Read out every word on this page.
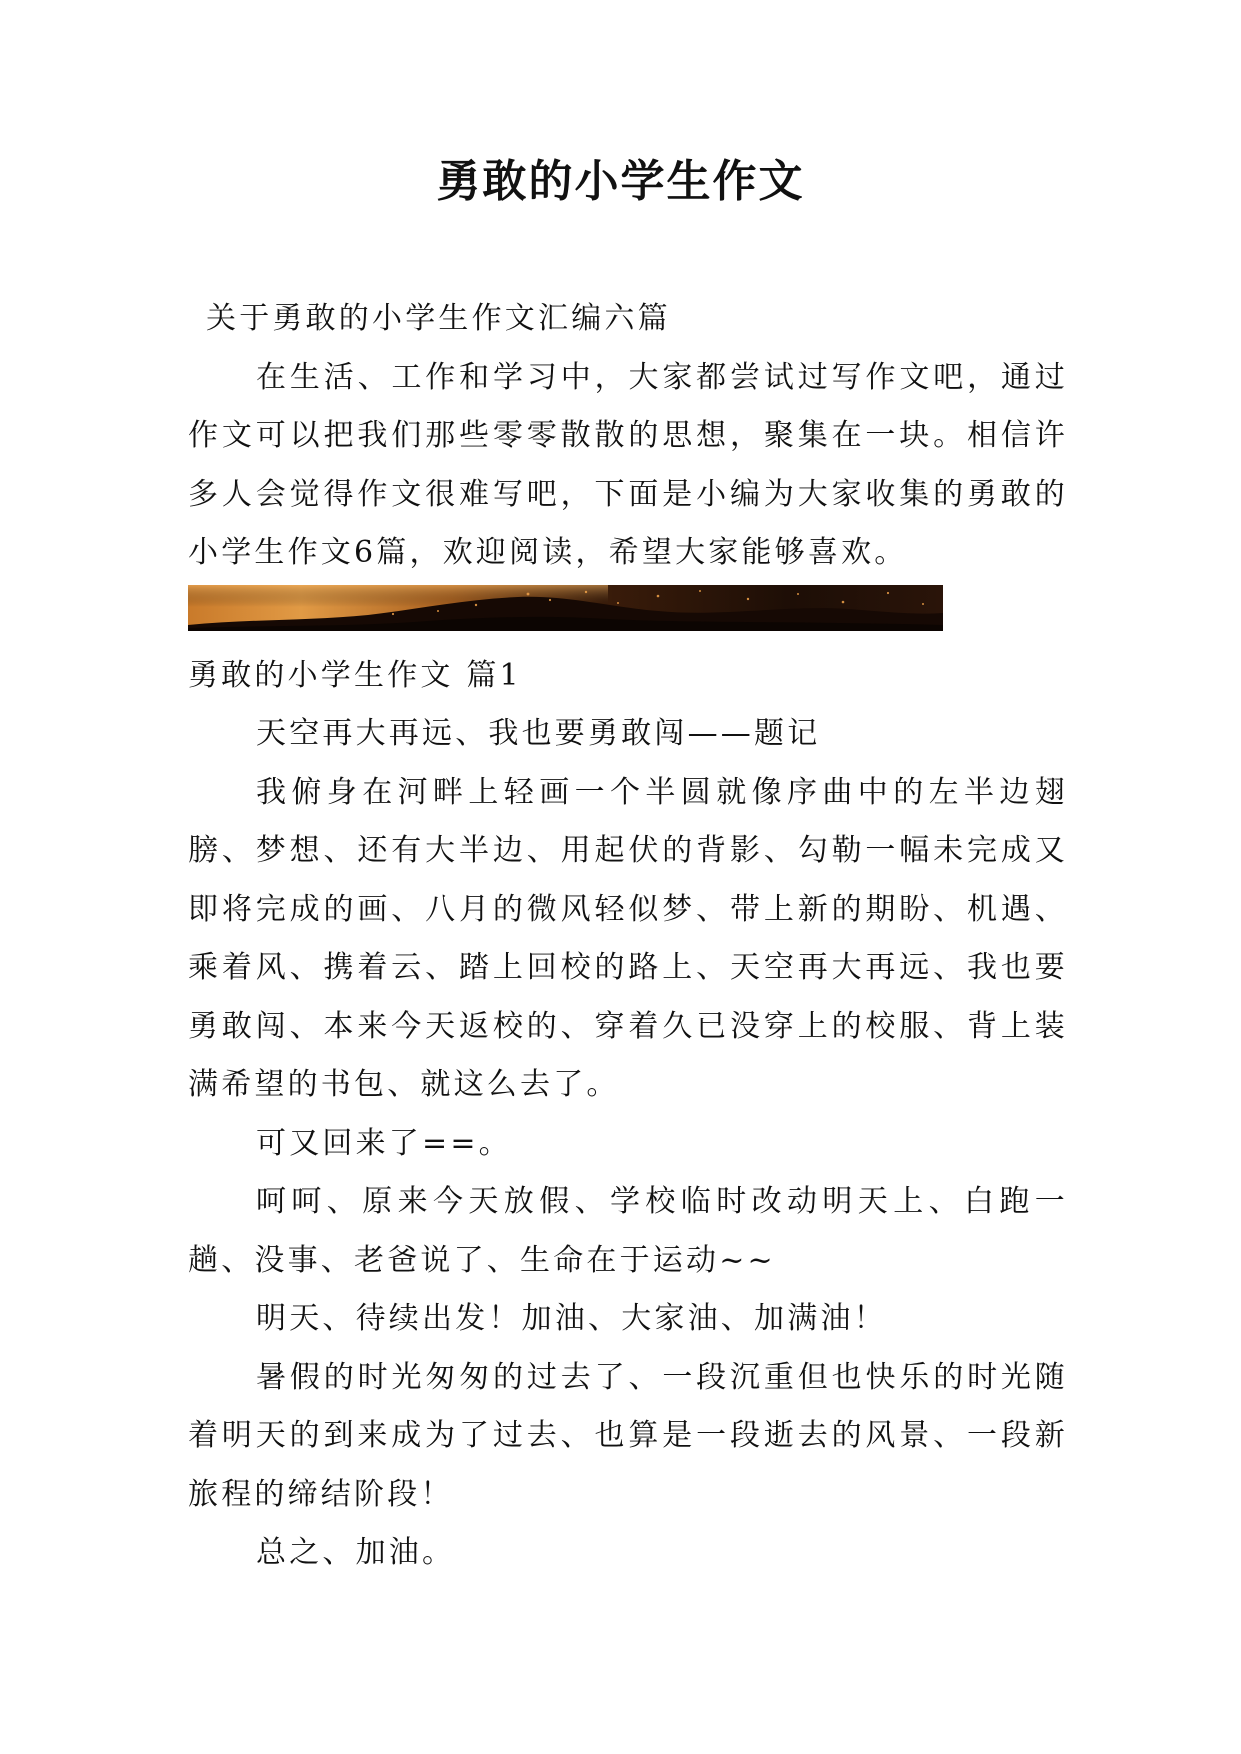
勇敢的小学生作文

关于勇敢的小学生作文汇编六篇

在生活、工作和学习中，大家都尝试过写作文吧，通过作文可以把我们那些零零散散的思想，聚集在一块。相信许多人会觉得作文很难写吧，下面是小编为大家收集的勇敢的小学生作文6篇，欢迎阅读，希望大家能够喜欢。

勇敢的小学生作文 篇1

天空再大再远、我也要勇敢闯——题记

我俯身在河畔上轻画一个半圆就像序曲中的左半边翅膀、梦想、还有大半边、用起伏的背影、勾勒一幅未完成又即将完成的画、八月的微风轻似梦、带上新的期盼、机遇、乘着风、携着云、踏上回校的路上、天空再大再远、我也要勇敢闯、本来今天返校的、穿着久已没穿上的校服、背上装满希望的书包、就这么去了。

可又回来了==。

呵呵、原来今天放假、学校临时改动明天上、白跑一趟、没事、老爸说了、生命在于运动~~

明天、待续出发！加油、大家油、加满油！

暑假的时光匆匆的过去了、一段沉重但也快乐的时光随着明天的到来成为了过去、也算是一段逝去的风景、一段新旅程的缔结阶段！

总之、加油。
